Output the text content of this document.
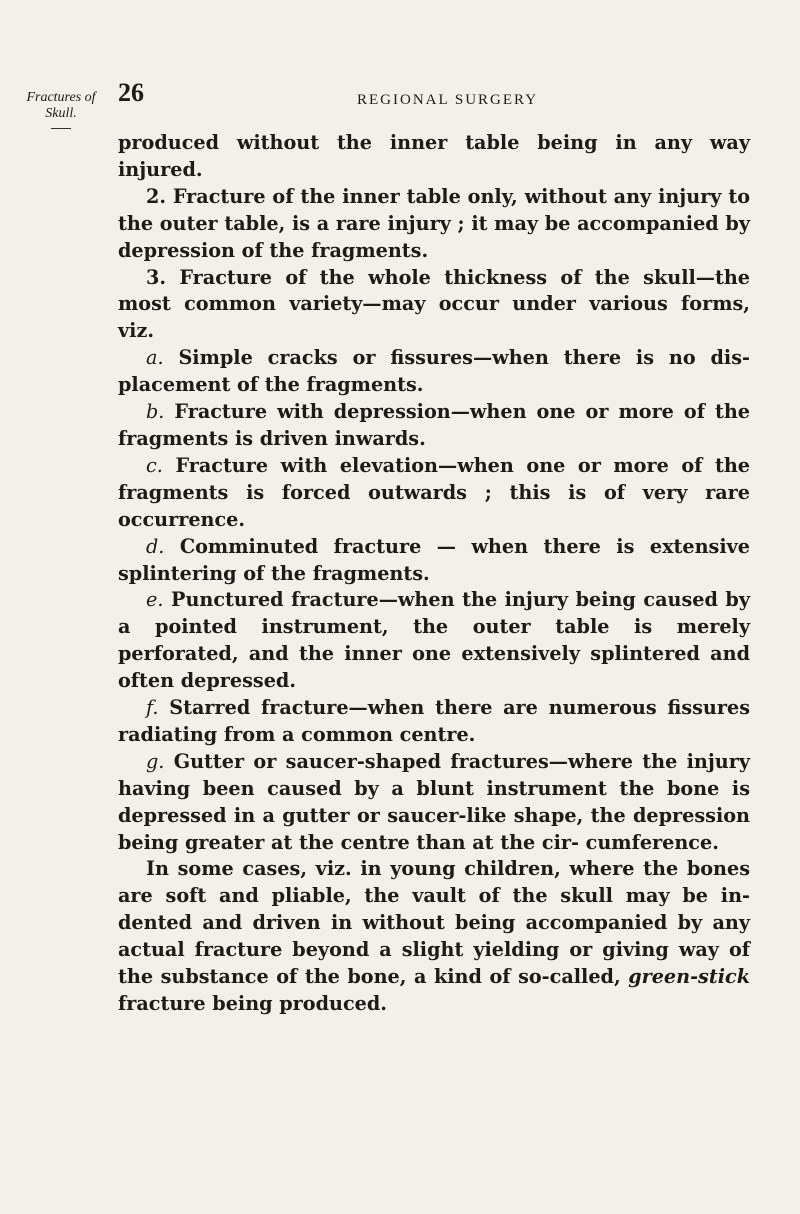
Fractures of
Skull.
26	REGIONAL SURGERY

produced without the inner table being in any way injured.

2. Fracture of the inner table only, without any injury to the outer table, is a rare injury ; it may be accompanied by depression of the fragments.

3. Fracture of the whole thickness of the skull—the most common variety—may occur under various forms, viz.

a. Simple cracks or fissures—when there is no dis- placement of the fragments.

b. Fracture with depression—when one or more of the fragments is driven inwards.

c. Fracture with elevation—when one or more of the fragments is forced outwards ; this is of very rare occurrence.

d. Comminuted fracture — when there is extensive splintering of the fragments.

e. Punctured fracture—when the injury being caused by a pointed instrument, the outer table is merely perforated, and the inner one extensively splintered and often depressed.

f. Starred fracture—when there are numerous fissures radiating from a common centre.

g. Gutter or saucer-shaped fractures—where the injury having been caused by a blunt instrument the bone is depressed in a gutter or saucer-like shape, the depression being greater at the centre than at the cir- cumference.

In some cases, viz. in young children, where the bones are soft and pliable, the vault of the skull may be in- dented and driven in without being accompanied by any actual fracture beyond a slight yielding or giving way of the substance of the bone, a kind of so-called, green-stick fracture being produced.
